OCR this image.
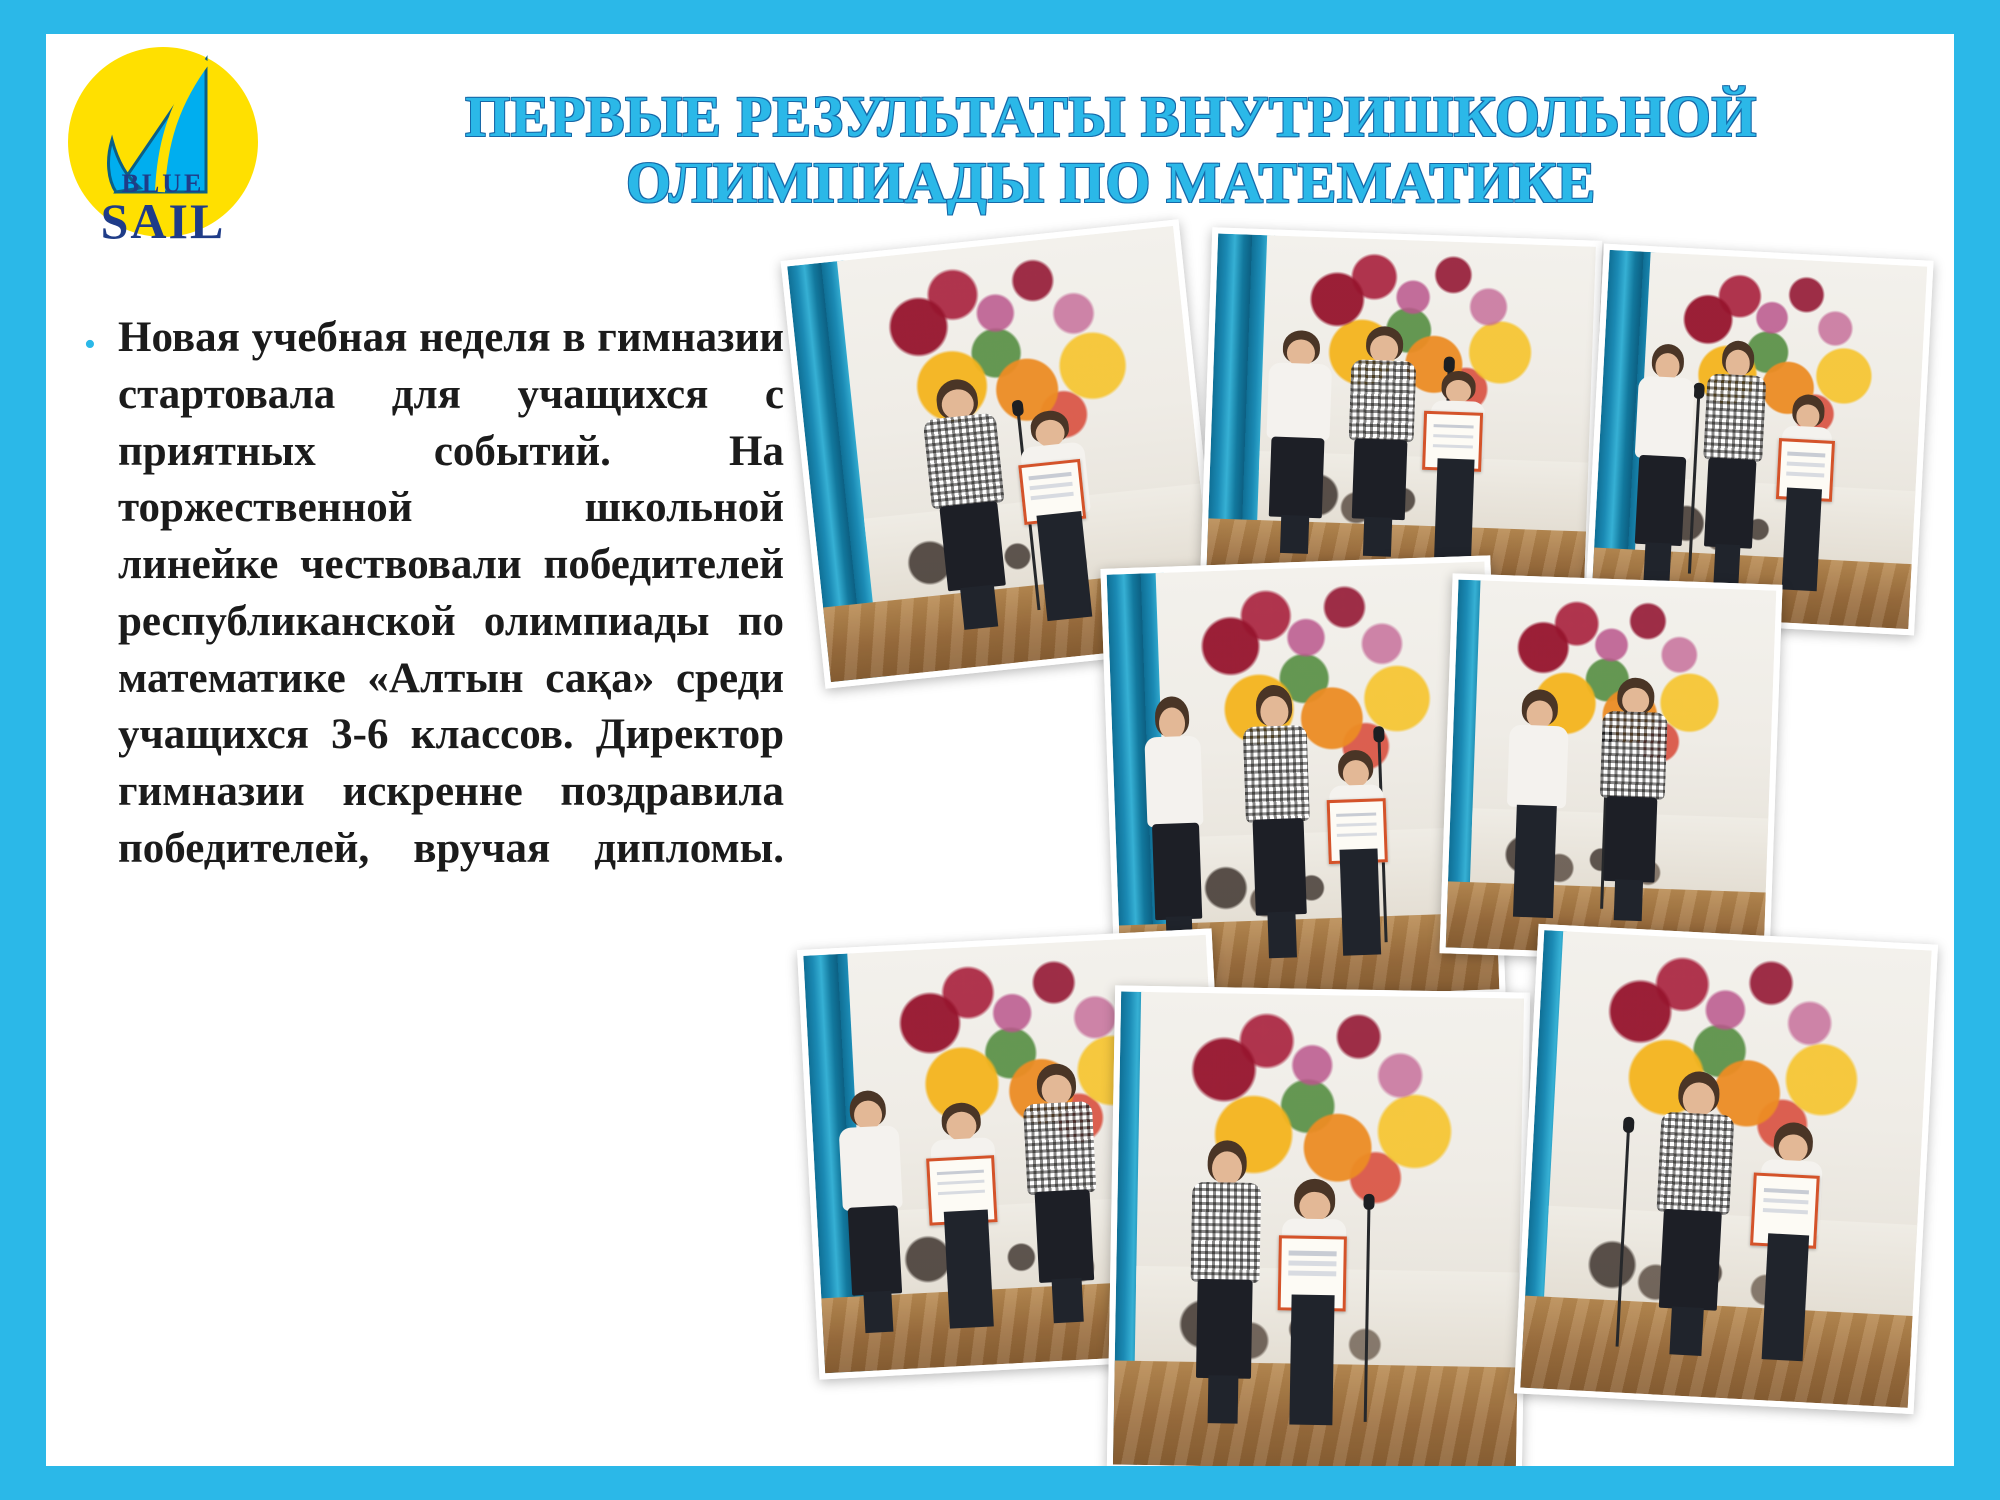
BLUE
SAIL
ПЕРВЫЕ РЕЗУЛЬТАТЫ ВНУТРИШКОЛЬНОЙ ОЛИМПИАДЫ ПО МАТЕМАТИКЕ
• Новая учебная неделя в гимназии стартовала для учащихся с приятных событий. На торжественной школьной линейке чествовали победителей республиканской олимпиады по математике «Алтын сақа» среди учащихся 3-6 классов. Директор гимназии искренне поздравила победителей, вручая дипломы.
